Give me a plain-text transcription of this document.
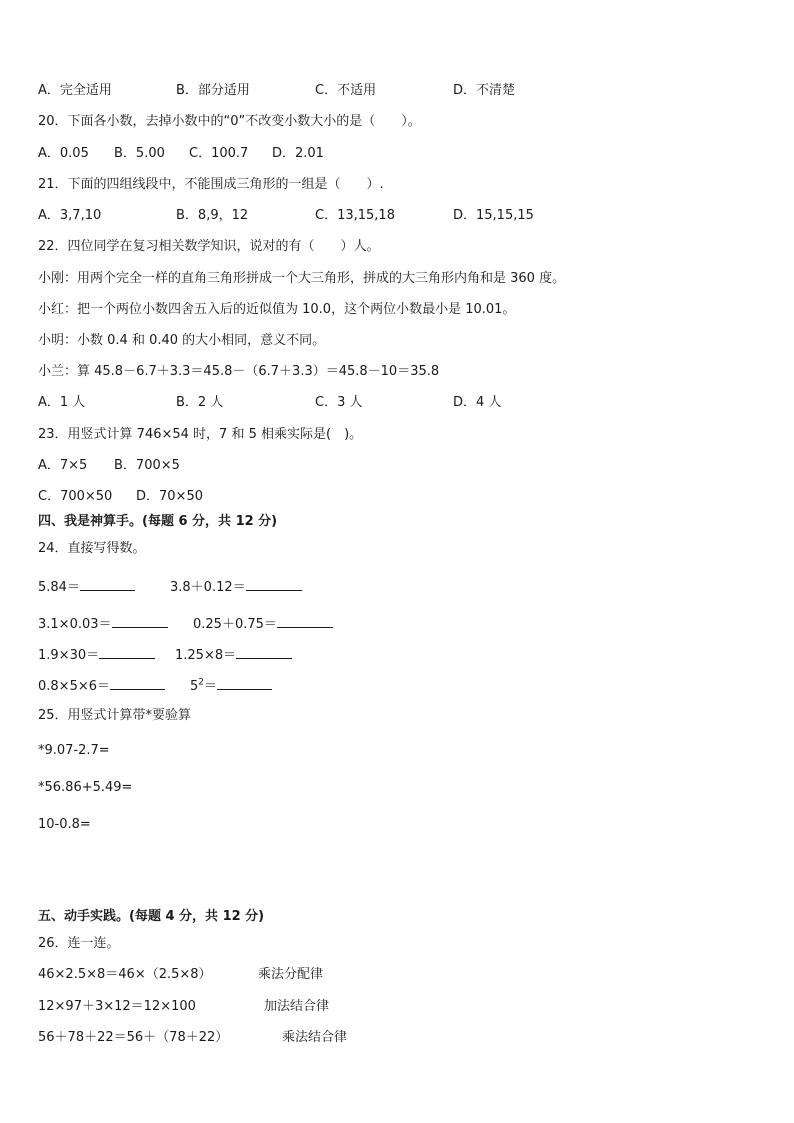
A．完全适用	B．部分适用	C．不适用	D．不清楚
20．下面各小数，去掉小数中的“0”不改变小数大小的是（　　）。
A．0.05 B．5.00 C．100.7 D．2.01
21．下面的四组线段中，不能围成三角形的一组是（　　）.
A．3,7,10	B．8,9，12	C．13,15,18	D．15,15,15
22．四位同学在复习相关数学知识，说对的有（　　）人。
小刚：用两个完全一样的直角三角形拼成一个大三角形，拼成的大三角形内角和是 360 度。
小红：把一个两位小数四舍五入后的近似值为 10.0，这个两位小数最小是 10.01。
小明：小数 0.4 和 0.40 的大小相同，意义不同。
小兰：算 45.8－6.7＋3.3＝45.8－（6.7＋3.3）＝45.8－10＝35.8
A．1 人	B．2 人	C．3 人	D．4 人
23．用竖式计算 746×54 时，7 和 5 相乘实际是(　)。
A．7×5 B．700×5
C．700×50 D．70×50
四、我是神算手。(每题 6 分，共 12 分)
24．直接写得数。
5.84＝	3.8＋0.12＝
3.1×0.03＝	0.25＋0.75＝
1.9×30＝	1.25×8＝
0.8×5×6＝	$5^2=$
25．用竖式计算带*要验算
*9.07-2.7=
*56.86+5.49=
10-0.8=
五、动手实践。(每题 4 分，共 12 分)
26．连一连。
46×2.5×8＝46×（2.5×8）	乘法分配律
12×97＋3×12＝12×100	加法结合律
56＋78＋22＝56＋（78＋22）	乘法结合律
